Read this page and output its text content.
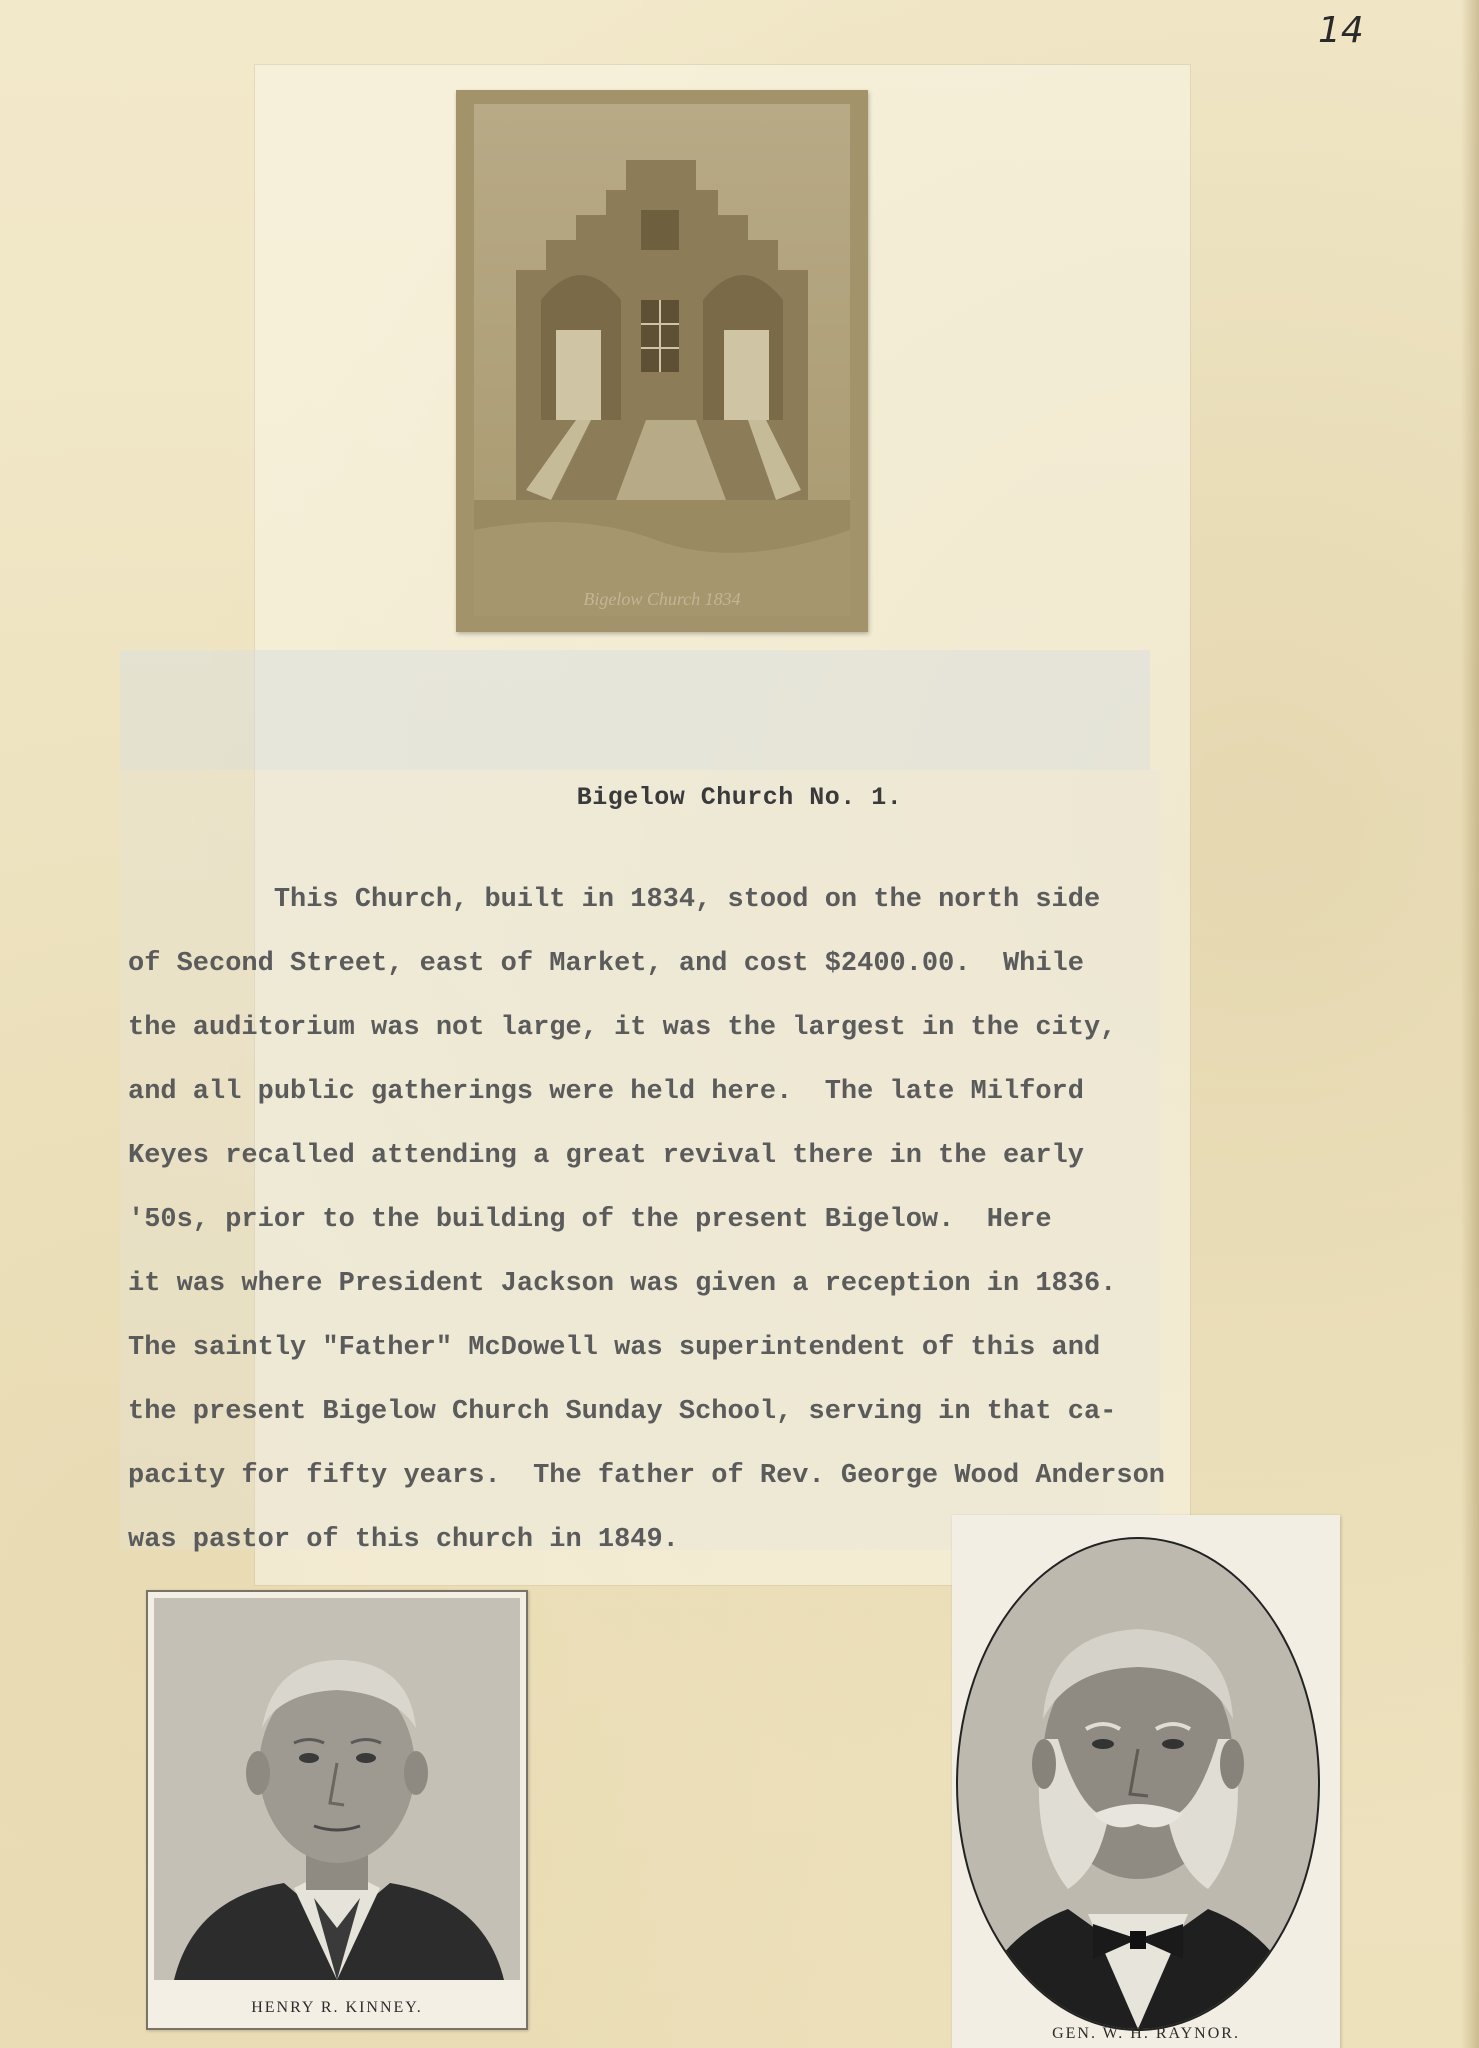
14
Bigelow Church 1834
Bigelow Church No. 1.
This Church, built in 1834, stood on the north side
of Second Street, east of Market, and cost $2400.00.  While
the auditorium was not large, it was the largest in the city,
and all public gatherings were held here.  The late Milford
Keyes recalled attending a great revival there in the early
'50s, prior to the building of the present Bigelow.  Here
it was where President Jackson was given a reception in 1836.
The saintly "Father" McDowell was superintendent of this and
the present Bigelow Church Sunday School, serving in that ca-
pacity for fifty years.  The father of Rev. George Wood Anderson
was pastor of this church in 1849.
HENRY R. KINNEY.
GEN. W. H. RAYNOR.
